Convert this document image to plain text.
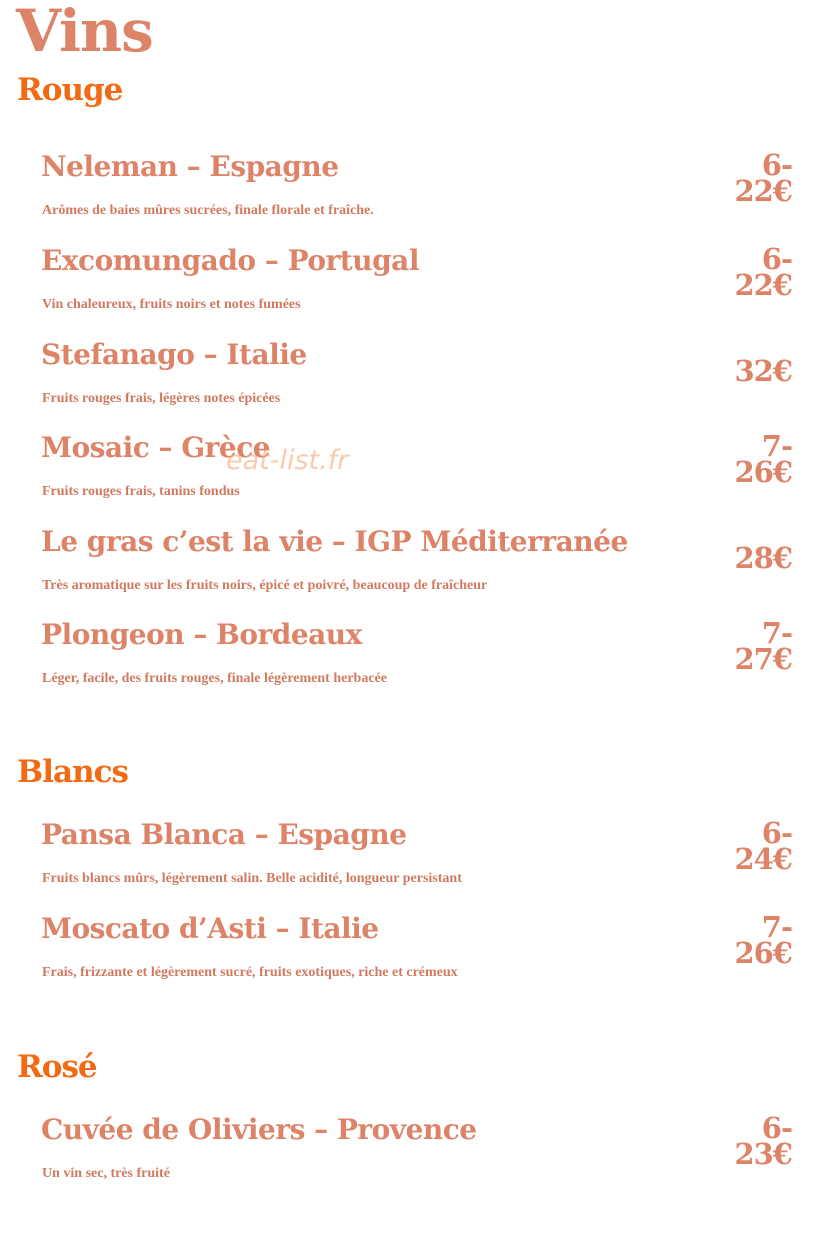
Vins
Rouge
Neleman – Espagne
Arômes de baies mûres sucrées, finale florale et fraîche.
6-
22€
Excomungado – Portugal
Vin chaleureux, fruits noirs et notes fumées
6-
22€
Stefanago – Italie
Fruits rouges frais, légères notes épicées
32€
Mosaic – Grèce
Fruits rouges frais, tanins fondus
7-
26€
Le gras c’est la vie – IGP Méditerranée
Très aromatique sur les fruits noirs, épicé et poivré, beaucoup de fraîcheur
28€
Plongeon – Bordeaux
Léger, facile, des fruits rouges, finale légèrement herbacée
7-
27€
Blancs
Pansa Blanca – Espagne
Fruits blancs mûrs, légèrement salin. Belle acidité, longueur persistant
6-
24€
Moscato d’Asti – Italie
Frais, frizzante et légèrement sucré, fruits exotiques, riche et crémeux
7-
26€
Rosé
Cuvée de Oliviers – Provence
Un vin sec, très fruité
6-
23€
eat-list.fr
